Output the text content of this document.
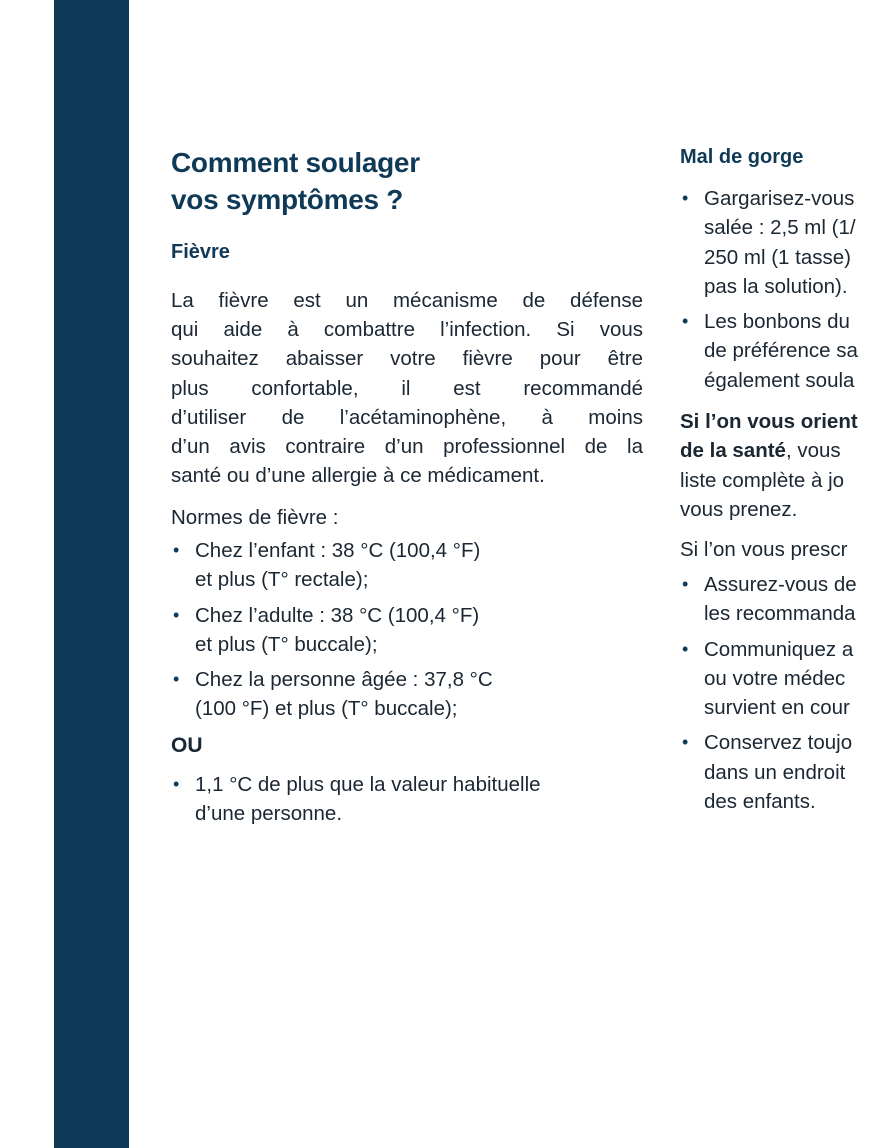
Comment soulager
vos symptômes ?
Fièvre

La fièvre est un mécanisme de défense
qui aide à combattre l’infection. Si vous
souhaitez abaisser votre fièvre pour être
plus confortable, il est recommandé
d’utiliser de l’acétaminophène, à moins
d’un avis contraire d’un professionnel de la
santé ou d’une allergie à ce médicament.

Normes de fièvre :

• Chez l’enfant : 38 °C (100,4 °F)
et plus (T° rectale);
• Chez l’adulte : 38 °C (100,4 °F)
et plus (T° buccale);
• Chez la personne âgée : 37,8 °C
(100 °F) et plus (T° buccale);

OU

• 1,1 °C de plus que la valeur habituelle
d’une personne.
Mal de gorge
• Gargarisez-vous
salée : 2,5 ml (1/
250 ml (1 tasse)
pas la solution).
• Les bonbons du
de préférence sa
également soula

Si l’on vous orient
de la santé, vous
liste complète à jo
vous prenez.

Si l’on vous prescr

• Assurez-vous de
les recommanda
• Communiquez a
ou votre médec
survient en cour
• Conservez toujo
dans un endroit
des enfants.
